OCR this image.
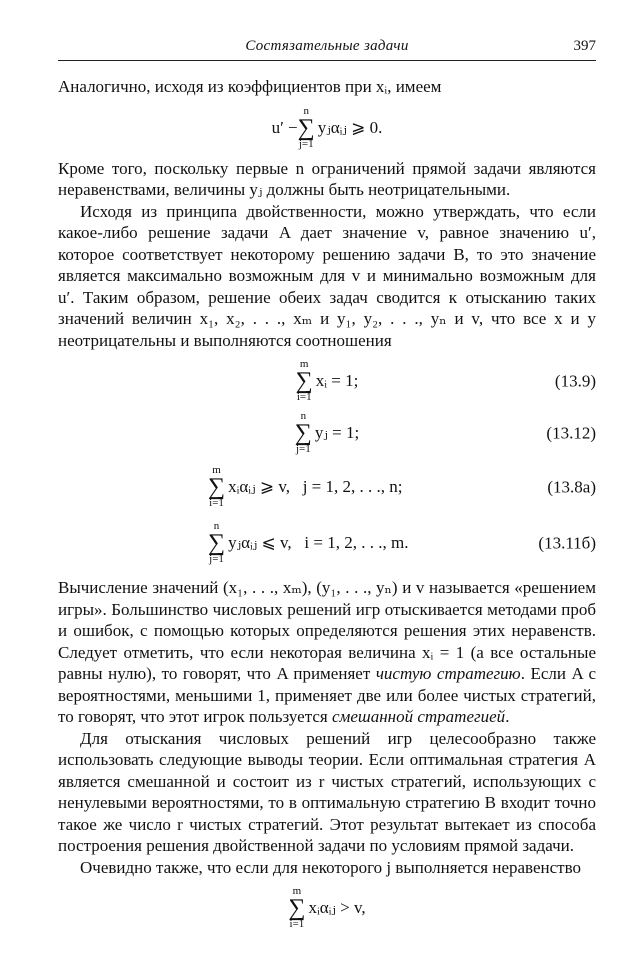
Состязательные задачи	397

Аналогично, исходя из коэффициентов при xᵢ, имеем

u′ −
n
∑
j=1
yⱼαᵢⱼ ⩾ 0.

Кроме того, поскольку первые n ограничений прямой задачи являются неравенствами, величины yⱼ должны быть неотрицательными.

Исходя из принципа двойственности, можно утверждать, что если какое-либо решение задачи A дает значение v, равное значению u′, которое соответствует некоторому решению задачи B, то это значение является максимально возможным для v и минимально возможным для u′. Таким образом, решение обеих задач сводится к отысканию таких значений величин x₁, x₂, . . ., xₘ и y₁, y₂, . . ., yₙ и v, что все x и y неотрицательны и выполняются соотношения

m
∑
i=1
xᵢ = 1;	(13.9)
n
∑
j=1
yⱼ = 1;	(13.12)
m
∑
i=1
xᵢαᵢⱼ ⩾ v,   j = 1, 2, . . ., n;	(13.8а)
n
∑
j=1
yⱼαᵢⱼ ⩽ v,   i = 1, 2, . . ., m.	(13.11б)

Вычисление значений (x₁, . . ., xₘ), (y₁, . . ., yₙ) и v называется «решением игры». Большинство числовых решений игр отыскивается методами проб и ошибок, с помощью которых определяются решения этих неравенств. Следует отметить, что если некоторая величина xᵢ = 1 (а все остальные равны нулю), то говорят, что A применяет чистую стратегию. Если A с вероятностями, меньшими 1, применяет две или более чистых стратегий, то говорят, что этот игрок пользуется смешанной стратегией.

Для отыскания числовых решений игр целесообразно также использовать следующие выводы теории. Если оптимальная стратегия A является смешанной и состоит из r чистых стратегий, использующих с ненулевыми вероятностями, то в оптимальную стратегию B входит точно такое же число r чистых стратегий. Этот результат вытекает из способа построения решения двойственной задачи по условиям прямой задачи.

Очевидно также, что если для некоторого j выполняется неравенство

m
∑
i=1
xᵢαᵢⱼ > v,
